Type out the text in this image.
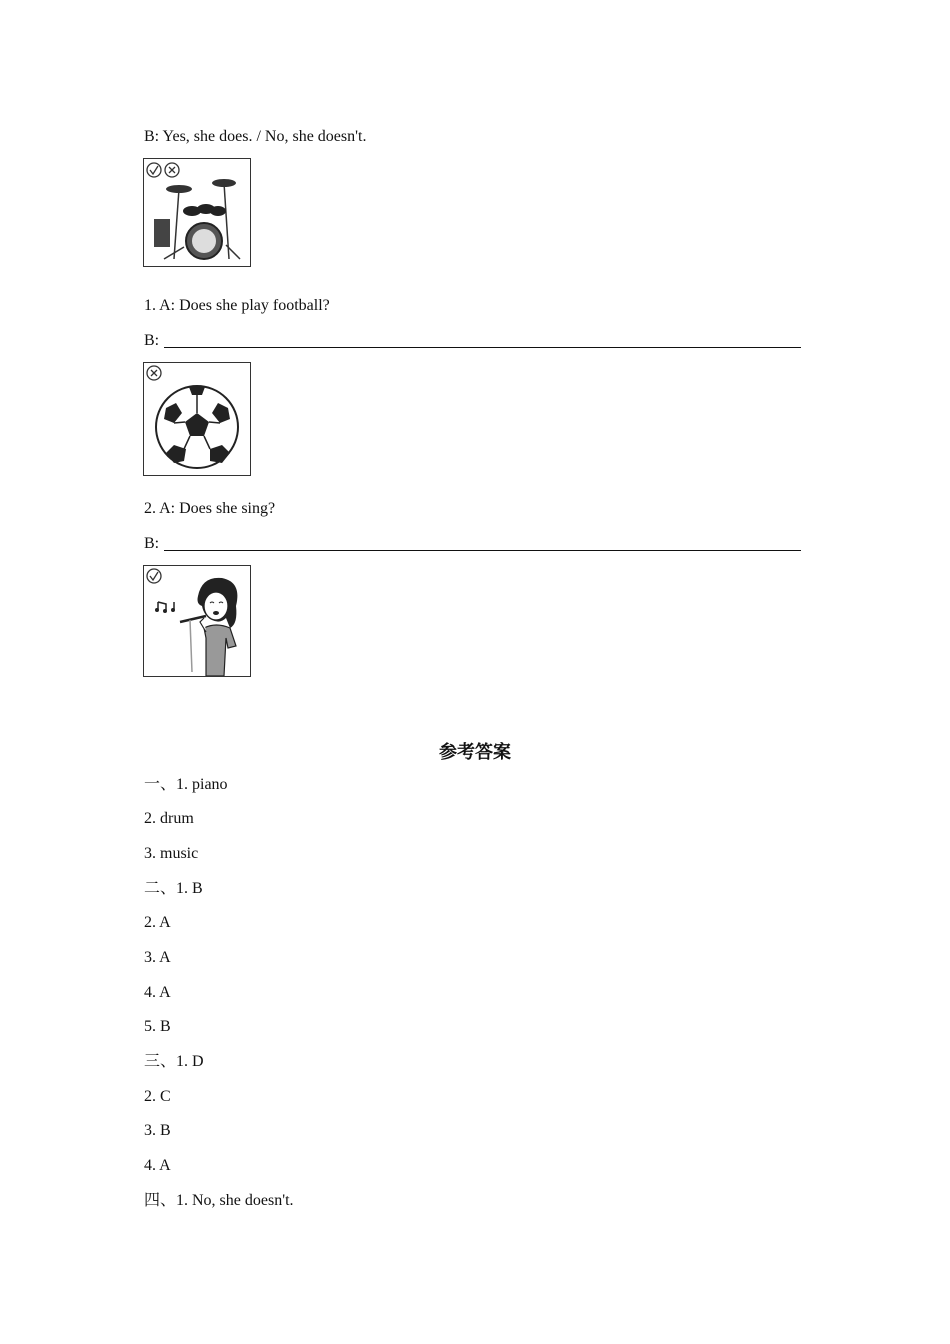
B: Yes, she does. / No, she doesn't.
1. A: Does she play football?
B:
2. A: Does she sing?
B:
参考答案
一、1. piano
2. drum
3. music
二、1. B
2. A
3. A
4. A
5. B
三、1. D
2. C
3. B
4. A
四、1. No, she doesn't.
